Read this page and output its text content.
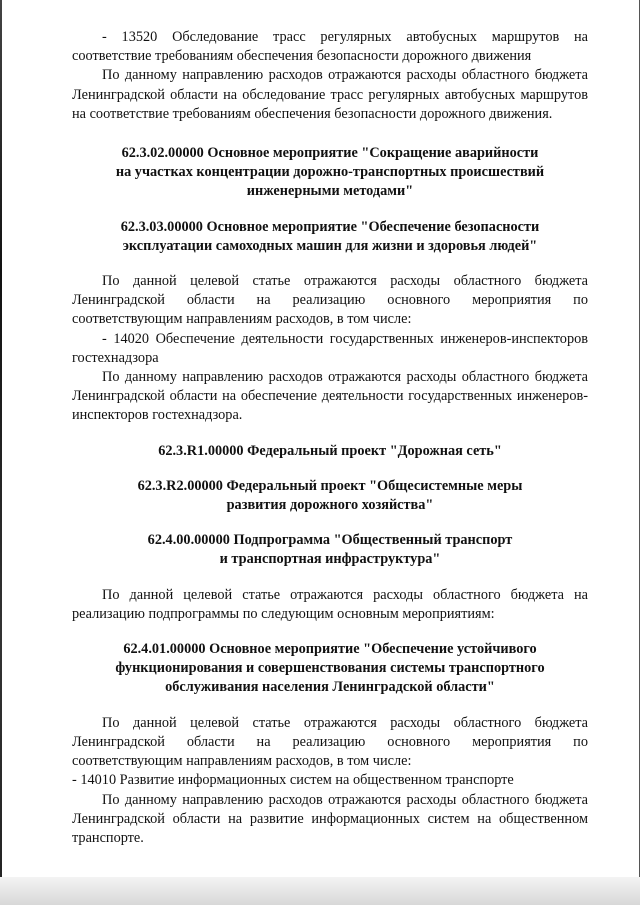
- 13520 Обследование трасс регулярных автобусных маршрутов на соответствие требованиям обеспечения безопасности дорожного движения

По данному направлению расходов отражаются расходы областного бюджета Ленинградской области на обследование трасс регулярных автобусных маршрутов на соответствие требованиям обеспечения безопасности дорожного движения.

62.3.02.00000 Основное мероприятие "Сокращение аварийности
на участках концентрации дорожно-транспортных происшествий
инженерными методами"
62.3.03.00000 Основное мероприятие "Обеспечение безопасности
эксплуатации самоходных машин для жизни и здоровья людей"

По данной целевой статье отражаются расходы областного бюджета Ленинградской области на реализацию основного мероприятия по соответствующим направлениям расходов, в том числе:

- 14020 Обеспечение деятельности государственных инженеров-инспекторов гостехнадзора

По данному направлению расходов отражаются расходы областного бюджета Ленинградской области на обеспечение деятельности государственных инженеров-инспекторов гостехнадзора.

62.3.R1.00000 Федеральный проект "Дорожная сеть"
62.3.R2.00000 Федеральный проект "Общесистемные меры
развития дорожного хозяйства"
62.4.00.00000 Подпрограмма "Общественный транспорт
и транспортная инфраструктура"

По данной целевой статье отражаются расходы областного бюджета на реализацию подпрограммы по следующим основным мероприятиям:

62.4.01.00000 Основное мероприятие "Обеспечение устойчивого
функционирования и совершенствования системы транспортного
обслуживания населения Ленинградской области"

По данной целевой статье отражаются расходы областного бюджета Ленинградской области на реализацию основного мероприятия по соответствующим направлениям расходов, в том числе:

- 14010 Развитие информационных систем на общественном транспорте

По данному направлению расходов отражаются расходы областного бюджета Ленинградской области на развитие информационных систем на общественном транспорте.
